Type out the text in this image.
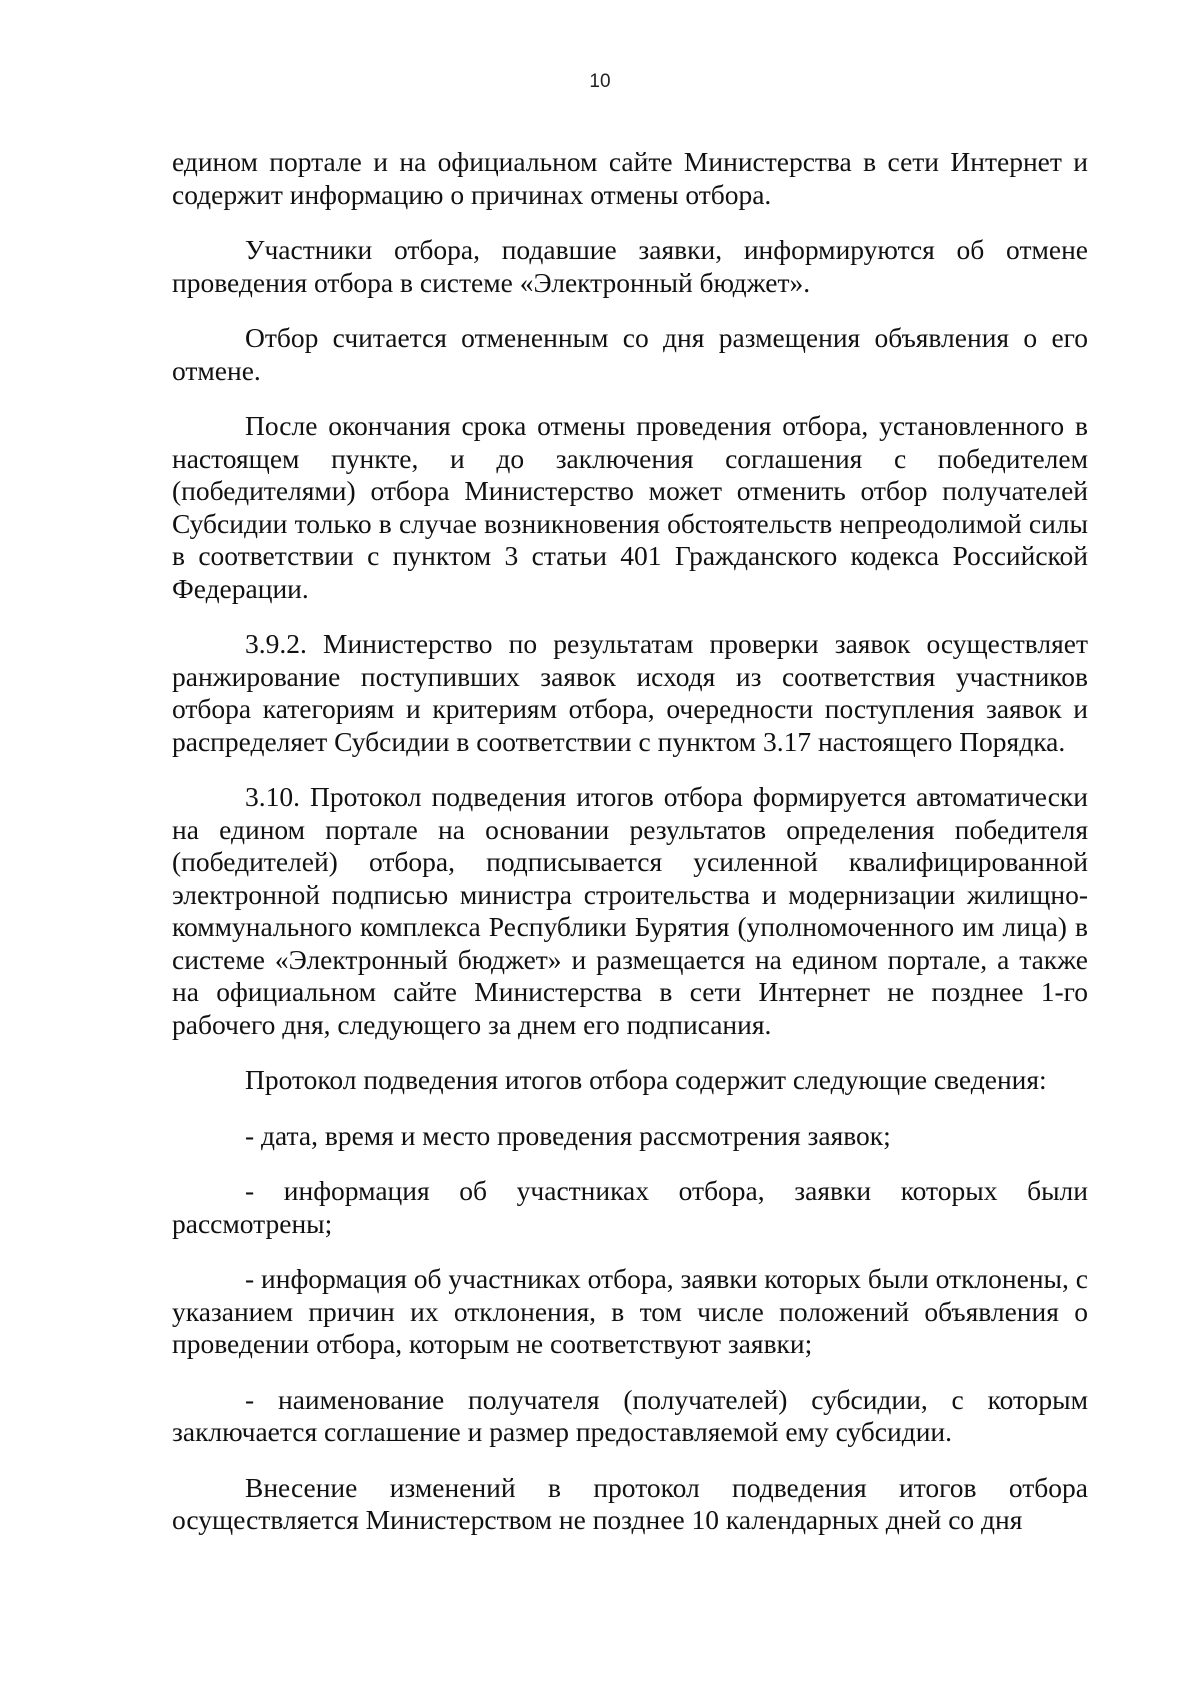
10

едином портале и на официальном сайте Министерства в сети Интернет и содержит информацию о причинах отмены отбора.

Участники отбора, подавшие заявки, информируются об отмене проведения отбора в системе «Электронный бюджет».

Отбор считается отмененным со дня размещения объявления о его отмене.

После окончания срока отмены проведения отбора, установленного в настоящем пункте, и до заключения соглашения с победителем (победителями) отбора Министерство может отменить отбор получателей Субсидии только в случае возникновения обстоятельств непреодолимой силы в соответствии с пунктом 3 статьи 401 Гражданского кодекса Российской Федерации.

3.9.2. Министерство по результатам проверки заявок осуществляет ранжирование поступивших заявок исходя из соответствия участников отбора категориям и критериям отбора, очередности поступления заявок и распределяет Субсидии в соответствии с пунктом 3.17 настоящего Порядка.

3.10. Протокол подведения итогов отбора формируется автоматически на едином портале на основании результатов определения победителя (победителей) отбора, подписывается усиленной квалифицированной электронной подписью министра строительства и модернизации жилищно-коммунального комплекса Республики Бурятия (уполномоченного им лица) в системе «Электронный бюджет» и размещается на едином портале, а также на официальном сайте Министерства в сети Интернет не позднее 1-го рабочего дня, следующего за днем его подписания.

Протокол подведения итогов отбора содержит следующие сведения:

- дата, время и место проведения рассмотрения заявок;

- информация об участниках отбора, заявки которых были рассмотрены;

- информация об участниках отбора, заявки которых были отклонены, с указанием причин их отклонения, в том числе положений объявления о проведении отбора, которым не соответствуют заявки;

- наименование получателя (получателей) субсидии, с которым заключается соглашение и размер предоставляемой ему субсидии.

Внесение изменений в протокол подведения итогов отбора осуществляется Министерством не позднее 10 календарных дней со дня
